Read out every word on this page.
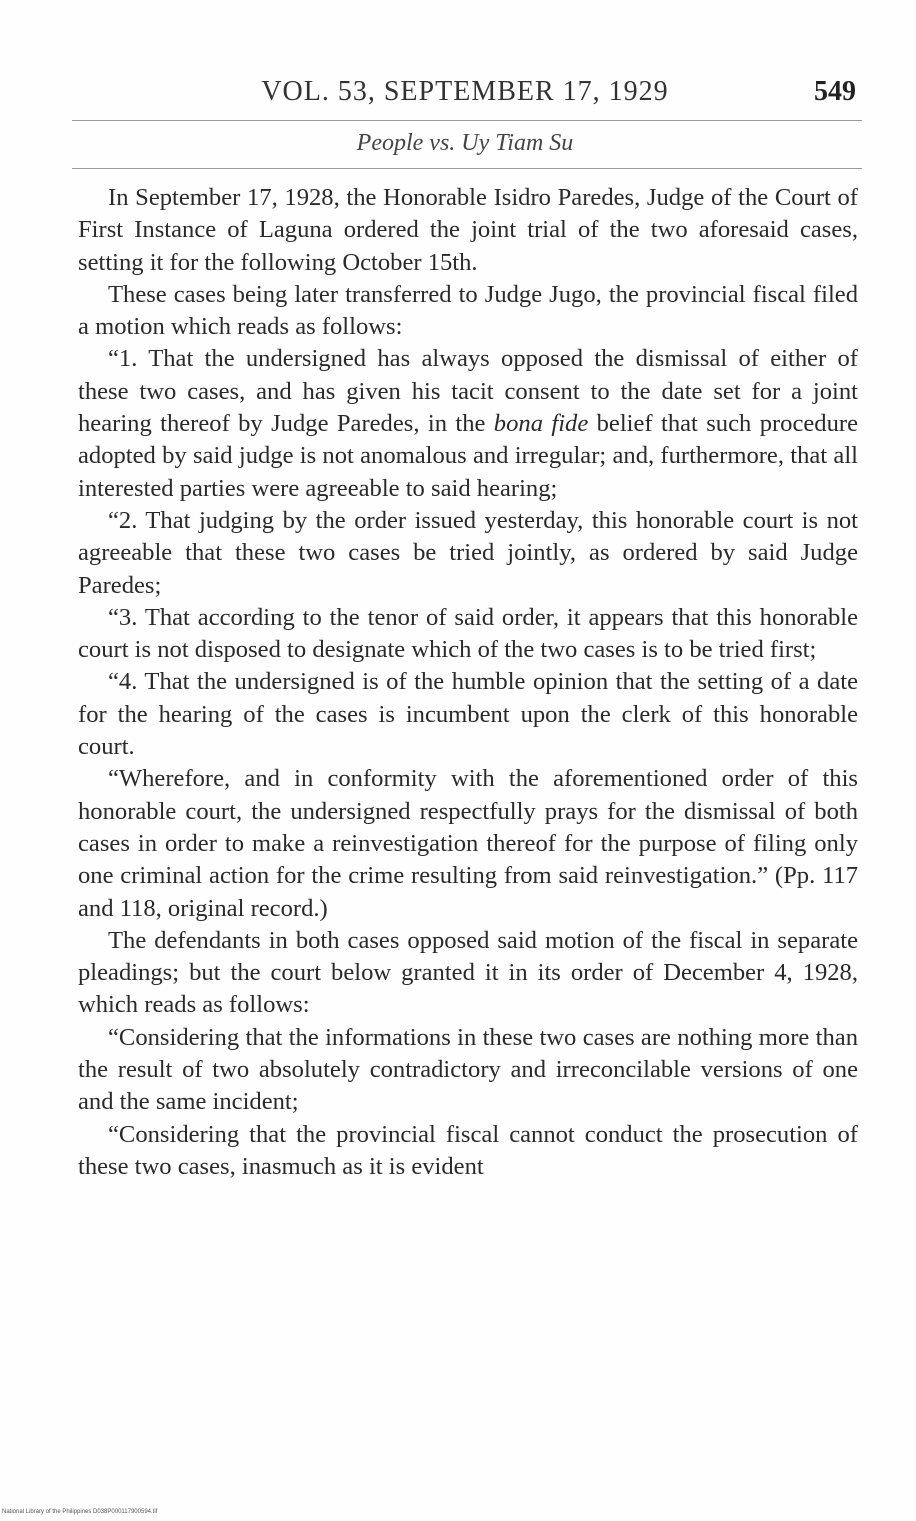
VOL. 53, SEPTEMBER 17, 1929	549
People vs. Uy Tiam Su

In September 17, 1928, the Honorable Isidro Paredes, Judge of the Court of First Instance of Laguna ordered the joint trial of the two aforesaid cases, setting it for the following October 15th.

These cases being later transferred to Judge Jugo, the provincial fiscal filed a motion which reads as follows:

“1. That the undersigned has always opposed the dismissal of either of these two cases, and has given his tacit consent to the date set for a joint hearing thereof by Judge Paredes, in the bona fide belief that such procedure adopted by said judge is not anomalous and irregular; and, furthermore, that all interested parties were agreeable to said hearing;

“2. That judging by the order issued yesterday, this honorable court is not agreeable that these two cases be tried jointly, as ordered by said Judge Paredes;

“3. That according to the tenor of said order, it appears that this honorable court is not disposed to designate which of the two cases is to be tried first;

“4. That the undersigned is of the humble opinion that the setting of a date for the hearing of the cases is incumbent upon the clerk of this honorable court.

“Wherefore, and in conformity with the aforementioned order of this honorable court, the undersigned respectfully prays for the dismissal of both cases in order to make a reinvestigation thereof for the purpose of filing only one criminal action for the crime resulting from said reinvestigation.” (Pp. 117 and 118, original record.)

The defendants in both cases opposed said motion of the fiscal in separate pleadings; but the court below granted it in its order of December 4, 1928, which reads as follows:

“Considering that the informations in these two cases are nothing more than the result of two absolutely contradictory and irreconcilable versions of one and the same incident;

“Considering that the provincial fiscal cannot conduct the prosecution of these two cases, inasmuch as it is evident

National Library of the Philippines D038P000117900594.tif
